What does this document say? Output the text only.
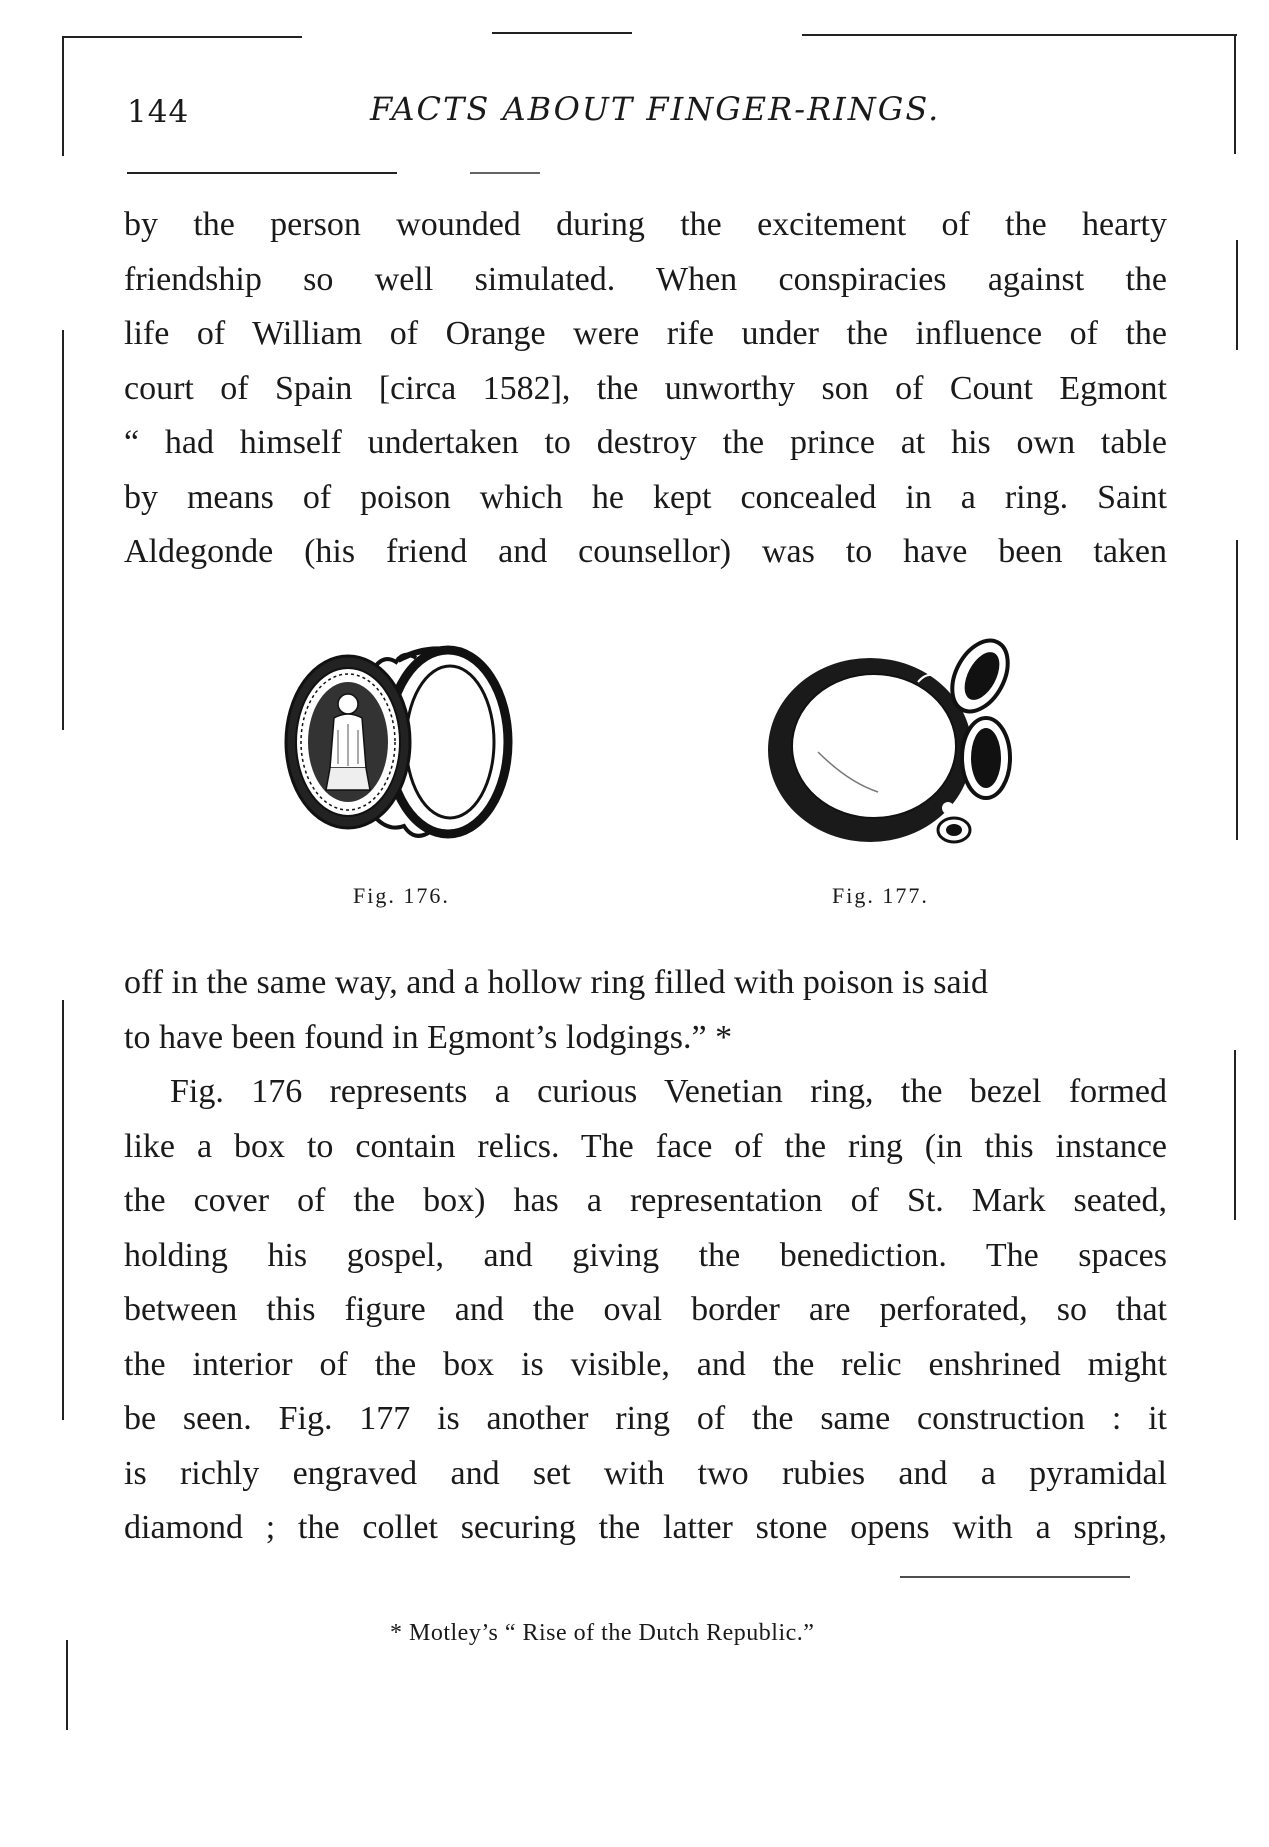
144	FACTS ABOUT FINGER-RINGS.
by the person wounded during the excitement of the hearty
friendship so well simulated. When conspiracies against the
life of William of Orange were rife under the influence of the
court of Spain [circa 1582], the unworthy son of Count Egmont
“ had himself undertaken to destroy the prince at his own table
by means of poison which he kept concealed in a ring. Saint
Aldegonde (his friend and counsellor) was to have been taken
Fig. 176.	Fig. 177.
off in the same way, and a hollow ring filled with poison is said
to have been found in Egmont’s lodgings.” *
Fig. 176 represents a curious Venetian ring, the bezel formed
like a box to contain relics. The face of the ring (in this instance
the cover of the box) has a representation of St. Mark seated,
holding his gospel, and giving the benediction. The spaces
between this figure and the oval border are perforated, so that
the interior of the box is visible, and the relic enshrined might
be seen. Fig. 177 is another ring of the same construction : it
is richly engraved and set with two rubies and a pyramidal
diamond ; the collet securing the latter stone opens with a spring,
* Motley’s “ Rise of the Dutch Republic.”
